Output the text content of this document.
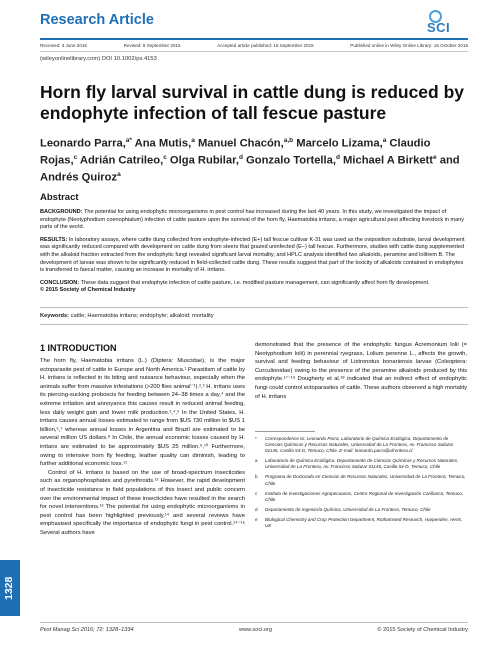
Research Article	SCI
Received: 3 June 2015	Revised: 9 September 2015	Accepted article published: 16 September 2015	Published online in Wiley Online Library: 15 October 2015
(wileyonlinelibrary.com) DOI 10.1002/ps.4153
Horn fly larval survival in cattle dung is reduced by endophyte infection of tall fescue pasture
Leonardo Parra,$^{a*}$ Ana Mutis,$^a$ Manuel Chacón,$^{a,b}$ Marcelo Lizama,$^a$ Claudio Rojas,$^c$ Adrián Catrileo,$^c$ Olga Rubilar,$^d$ Gonzalo Tortella,$^d$ Michael A Birkett$^e$ and Andrés Quiroz$^a$
Abstract

BACKGROUND: The potential for using endophytic microorganisms in pest control has increased during the last 40 years. In this study, we investigated the impact of endophyte (Neotyphodium coenophialum) infection of cattle pasture upon the survival of the horn fly, Haematobia irritans, a major agricultural pest affecting livestock in many parts of the world.

RESULTS: In laboratory assays, where cattle dung collected from endophyte-infected (E+) tall fescue cultivar K-31 was used as the oviposition substrate, larval development was significantly reduced compared with development on cattle dung from steers that grazed uninfected (E−) tall fescue. Furthermore, studies with cattle dung supplemented with the alkaloid fraction extracted from the endophytic fungi revealed significant larval mortality, and HPLC analysis identified two alkaloids, peramine and lolitrem B. The development of larvae was shown to be significantly reduced in field-collected cattle dung. These results suggest that part of the toxicity of alkaloids contained in endophytes is transferred to faecal matter, causing an increase in mortality of H. irritans.

CONCLUSION: These data suggest that endophyte infection of cattle pasture, i.e. modified pasture management, can significantly affect horn fly development.

© 2015 Society of Chemical Industry

Keywords: cattle; Haematobia irritans; endophyte; alkaloid; mortality
1 INTRODUCTION

The horn fly, Haematobia irritans (L.) (Diptera: Muscidae), is the major ectoparasite pest of cattle in Europe and North America.¹ Parasitism of cattle by H. irritans is reflected in its biting and nuisance behaviour, especially when the animals suffer from massive infestations (>200 flies animal⁻¹).²,³ H. irritans uses its piercing-sucking proboscis for feeding between 24–38 times a day,⁴ and the extreme irritation and annoyance this causes result in reduced animal feeding, less daily weight gain and lower milk production.²,⁴,⁵ In the United States, H. irritans causes annual losses estimated to range from $US 730 million to $US 1 billion,⁶,⁷ whereas annual losses in Argentina and Brazil are estimated to be several million US dollars.⁸ In Chile, the annual economic losses caused by H. irritans are estimated to be approximately $US 25 million.⁹,¹⁰ Furthermore, owing to intensive horn fly feeding, leather quality can diminish, leading to further additional economic loss.¹¹

Control of H. irritans is based on the use of broad-spectrum insecticides such as organophosphates and pyrethroids.¹² However, the rapid development of insecticide resistance in field populations of this insect and public concern over the environmental impact of these insecticides have resulted in the search for novel interventions.¹³ The potential for using endophytic microorganisms in pest control has been highlighted previously,¹⁴ and several reviews have emphasised specifically the importance of endophytic fungi in pest control.¹⁴⁻¹⁶ Several authors have

demonstrated that the presence of the endophytic fungus Acremonium lolii (= Neotyphodium lolii) in perennial ryegrass, Lolium perenne L., affects the growth, survival and feeding behaviour of Listronotus bonariensis larvae (Coleoptera: Curculionidae) owing to the presence of the peramine alkaloids produced by this endophyte.¹⁷⁻¹⁹ Dougherty et al.¹⁸ indicated that an indirect effect of endophytic fungi could control ectoparasites of cattle. These authors observed a high mortality of H. irritans

*	Correspondence to: Leonardo Parra, Laboratorio de Química Ecológica, Departamento de Ciencias Químicas y Recursos Naturales, Universidad de La Frontera, Av. Francisco Salazar 01145, Casilla 54-D, Temuco, Chile. E-mail: leonardo.parra@ufrontera.cl
a	Laboratorio de Química Ecológica, Departamento de Ciencias Químicas y Recursos Naturales, Universidad de La Frontera, Av. Francisco Salazar 01145, Casilla 54-D, Temuco, Chile
b	Programa de Doctorado en Ciencias de Recursos Naturales, Universidad de La Frontera, Temuco, Chile
c	Instituto de Investigaciones Agropecuarias, Centro Regional de Investigación Carillanca, Temuco, Chile
d	Departamento de Ingeniería Química, Universidad de La Frontera, Temuco, Chile
e	Biological Chemistry and Crop Protection Department, Rothamsted Research, Harpenden, Herts, UK
1328
Pest Manag Sci 2016; 72: 1328–1334	www.soci.org	© 2015 Society of Chemical Industry
